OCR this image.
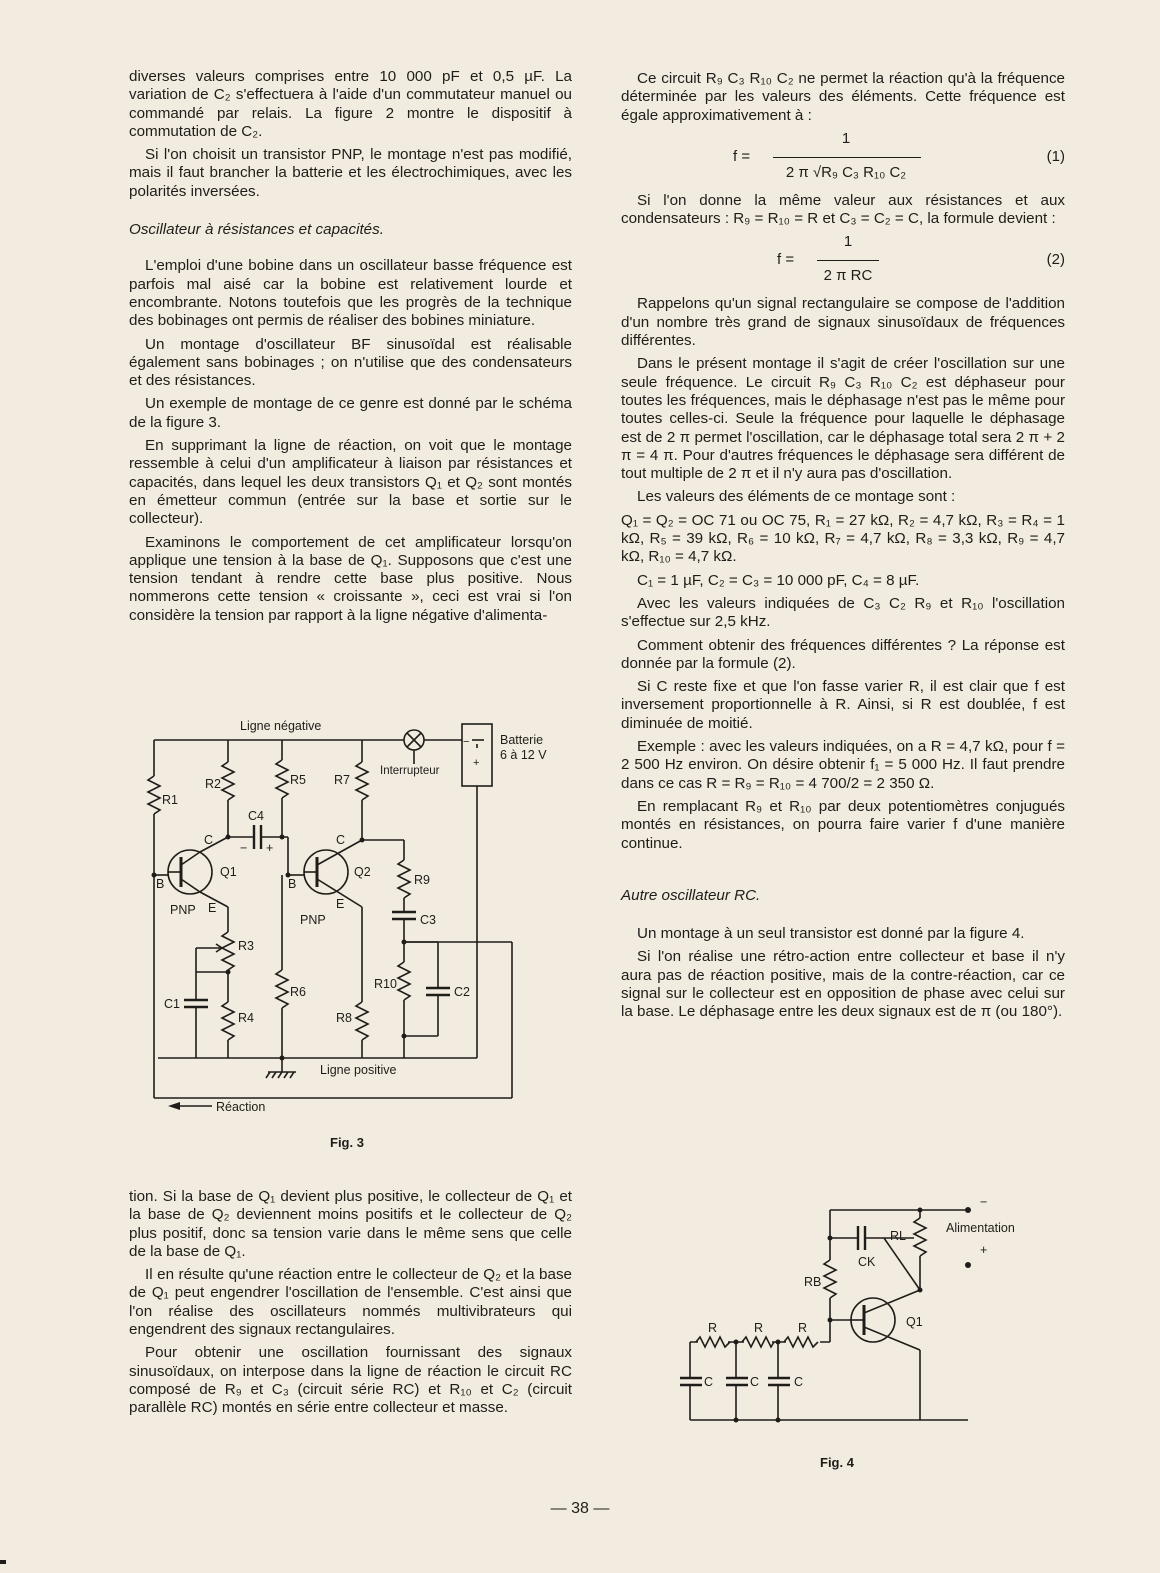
diverses valeurs comprises entre 10 000 pF et 0,5 µF. La variation de C₂ s'effectuera à l'aide d'un commutateur manuel ou commandé par relais. La figure 2 montre le dispositif à commutation de C₂.

Si l'on choisit un transistor PNP, le montage n'est pas modifié, mais il faut brancher la batterie et les électrochimiques, avec les polarités inversées.

Oscillateur à résistances et capacités.

L'emploi d'une bobine dans un oscillateur basse fréquence est parfois mal aisé car la bobine est relativement lourde et encombrante. Notons toutefois que les progrès de la technique des bobinages ont permis de réaliser des bobines miniature.

Un montage d'oscillateur BF sinusoïdal est réalisable également sans bobinages ; on n'utilise que des condensateurs et des résistances.

Un exemple de montage de ce genre est donné par le schéma de la figure 3.

En supprimant la ligne de réaction, on voit que le montage ressemble à celui d'un amplificateur à liaison par résistances et capacités, dans lequel les deux transistors Q₁ et Q₂ sont montés en émetteur commun (entrée sur la base et sortie sur le collecteur).

Examinons le comportement de cet amplificateur lorsqu'on applique une tension à la base de Q₁. Supposons que c'est une tension tendant à rendre cette base plus positive. Nous nommerons cette tension « croissante », ceci est vrai si l'on considère la tension par rapport à la ligne négative d'alimenta-

Ligne négative
Ligne positive
Batterie
6 à 12 V
Interrupteur
Réaction
−
+
R1
R2
R3
R4
R5
R6
R7
R8
R9
R10
C1
C2
C3
C4
− +
Q1	Q2
PNP
PNP
B
C
E
B
C
E
Fig. 3

tion. Si la base de Q₁ devient plus positive, le collecteur de Q₁ et la base de Q₂ deviennent moins positifs et le collecteur de Q₂ plus positif, donc sa tension varie dans le même sens que celle de la base de Q₁.

Il en résulte qu'une réaction entre le collecteur de Q₂ et la base de Q₁ peut engendrer l'oscillation de l'ensemble. C'est ainsi que l'on réalise des oscillateurs nommés multivibrateurs qui engendrent des signaux rectangulaires.

Pour obtenir une oscillation fournissant des signaux sinusoïdaux, on interpose dans la ligne de réaction le circuit RC composé de R₉ et C₃ (circuit série RC) et R₁₀ et C₂ (circuit parallèle RC) montés en série entre collecteur et masse.

Ce circuit R₉ C₃ R₁₀ C₂ ne permet la réaction qu'à la fréquence déterminée par les valeurs des éléments. Cette fréquence est égale approximativement à :

f =
1
2 π √R₉ C₃ R₁₀ C₂
(1)

Si l'on donne la même valeur aux résistances et aux condensateurs : R₉ = R₁₀ = R et C₃ = C₂ = C, la formule devient :

f =
1
2 π RC
(2)

Rappelons qu'un signal rectangulaire se compose de l'addition d'un nombre très grand de signaux sinusoïdaux de fréquences différentes.

Dans le présent montage il s'agit de créer l'oscillation sur une seule fréquence. Le circuit R₉ C₃ R₁₀ C₂ est déphaseur pour toutes les fréquences, mais le déphasage n'est pas le même pour toutes celles-ci. Seule la fréquence pour laquelle le déphasage est de 2 π permet l'oscillation, car le déphasage total sera 2 π + 2 π = 4 π. Pour d'autres fréquences le déphasage sera différent de tout multiple de 2 π et il n'y aura pas d'oscillation.

Les valeurs des éléments de ce montage sont :

Q₁ = Q₂ = OC 71 ou OC 75, R₁ = 27 kΩ, R₂ = 4,7 kΩ, R₃ = R₄ = 1 kΩ, R₅ = 39 kΩ, R₆ = 10 kΩ, R₇ = 4,7 kΩ, R₈ = 3,3 kΩ, R₉ = 4,7 kΩ, R₁₀ = 4,7 kΩ.

C₁ = 1 µF, C₂ = C₃ = 10 000 pF, C₄ = 8 µF.

Avec les valeurs indiquées de C₃ C₂ R₉ et R₁₀ l'oscillation s'effectue sur 2,5 kHz.

Comment obtenir des fréquences différentes ? La réponse est donnée par la formule (2).

Si C reste fixe et que l'on fasse varier R, il est clair que f est inversement proportionnelle à R. Ainsi, si R est doublée, f est diminuée de moitié.

Exemple : avec les valeurs indiquées, on a R = 4,7 kΩ, pour f = 2 500 Hz environ. On désire obtenir f₁ = 5 000 Hz. Il faut prendre dans ce cas R = R₉ = R₁₀ = 4 700/2 = 2 350 Ω.

En remplacant R₉ et R₁₀ par deux potentiomètres conjugués montés en résistances, on pourra faire varier f d'une manière continue.

Autre oscillateur RC.

Un montage à un seul transistor est donné par la figure 4.

Si l'on réalise une rétro-action entre collecteur et base il n'y aura pas de réaction positive, mais de la contre-réaction, car ce signal sur le collecteur est en opposition de phase avec celui sur la base. Le déphasage entre les deux signaux est de π (ou 180°).

Alimentation
−
+
RL
CK
RB
Q1
R	R	R
C	C	C
Fig. 4
— 38 —
